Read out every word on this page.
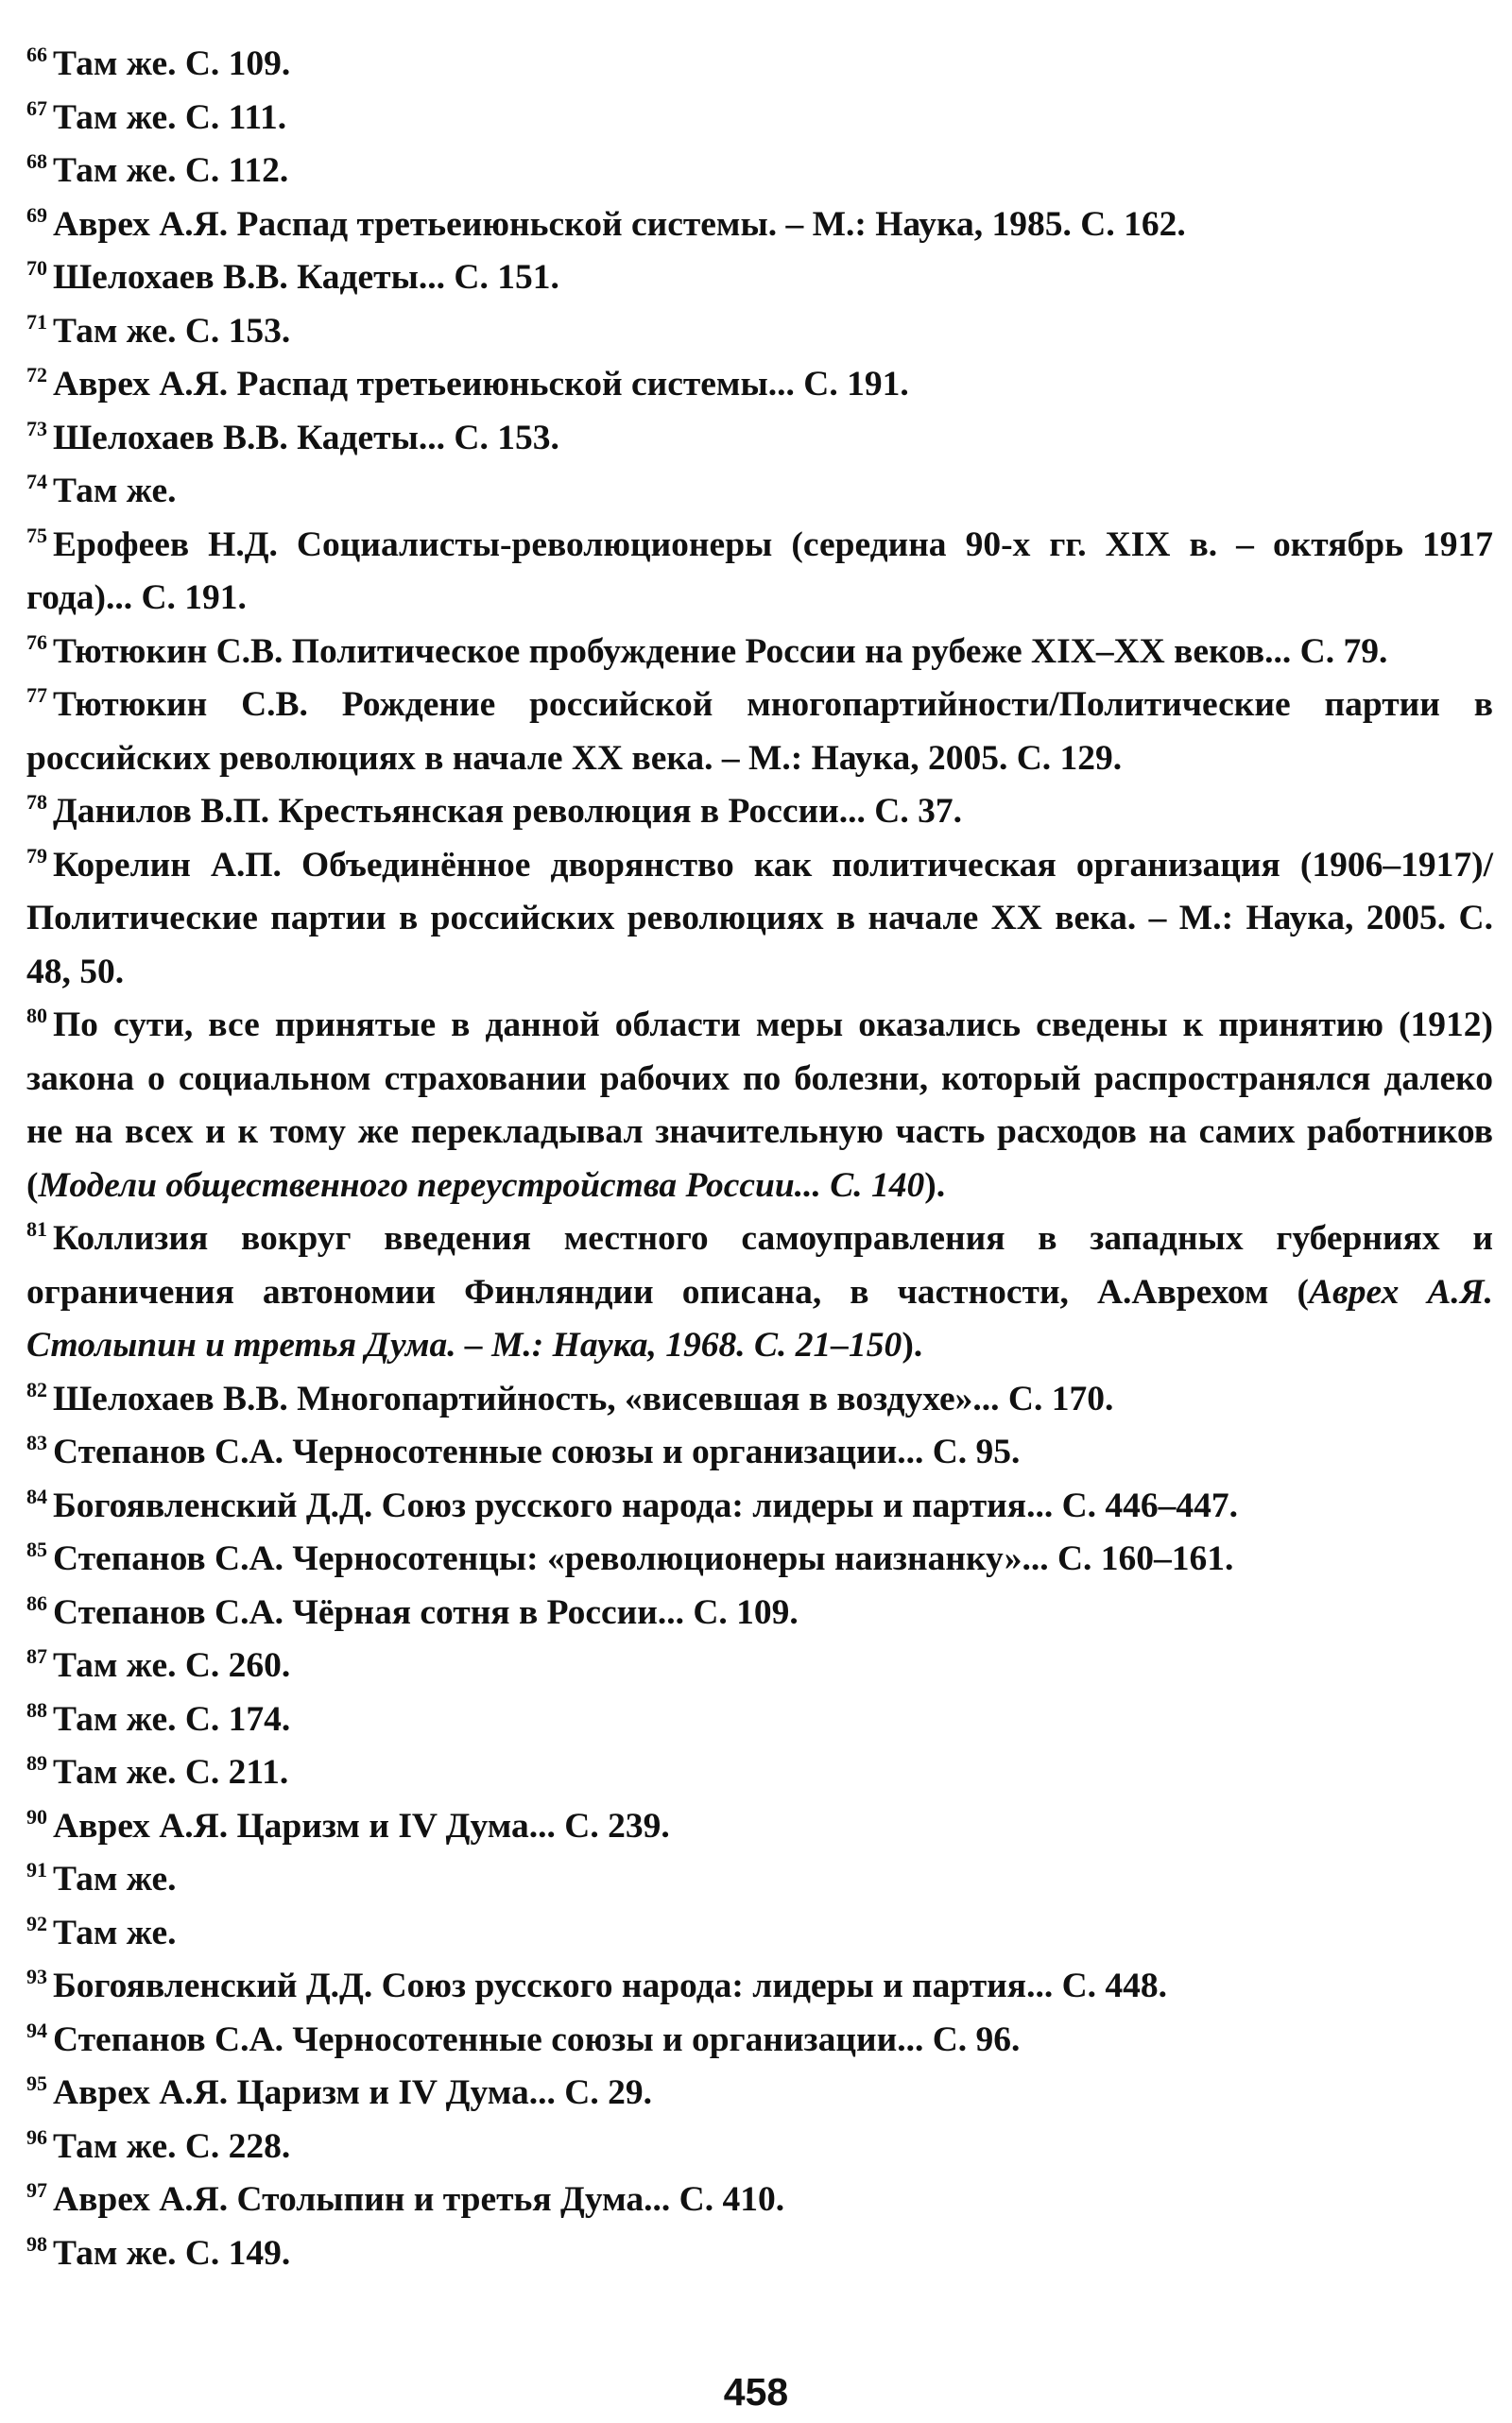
$^{66}$ Там же. С. 109.

$^{67}$ Там же. С. 111.

$^{68}$ Там же. С. 112.

$^{69}$ Аврех А.Я. Распад третьеиюньской системы. – М.: Наука, 1985. С. 162.

$^{70}$ Шелохаев В.В. Кадеты... С. 151.

$^{71}$ Там же. С. 153.

$^{72}$ Аврех А.Я. Распад третьеиюньской системы... С. 191.

$^{73}$ Шелохаев В.В. Кадеты... С. 153.

$^{74}$ Там же.

$^{75}$ Ерофеев Н.Д. Социалисты-революционеры (середина 90-х гг. XIX в. – октябрь 1917 года)... С. 191.

$^{76}$ Тютюкин С.В. Политическое пробуждение России на рубеже XIX–XX веков... С. 79.

$^{77}$ Тютюкин С.В. Рождение российской многопартийности/Политические партии в российских революциях в начале XX века. – М.: Наука, 2005. С. 129.

$^{78}$ Данилов В.П. Крестьянская революция в России... С. 37.

$^{79}$ Корелин А.П. Объединённое дворянство как политическая организация (1906–1917)/Политические партии в российских революциях в начале XX века. – М.: Наука, 2005. С. 48, 50.

$^{80}$ По сути, все принятые в данной области меры оказались сведены к принятию (1912) закона о социальном страховании рабочих по болезни, который распространялся далеко не на всех и к тому же перекладывал значительную часть расходов на самих работников (Модели общественного переустройства России... С. 140).

$^{81}$ Коллизия вокруг введения местного самоуправления в западных губерниях и ограничения автономии Финляндии описана, в частности, А.Аврехом (Аврех А.Я. Столыпин и третья Дума. – М.: Наука, 1968. С. 21–150).

$^{82}$ Шелохаев В.В. Многопартийность, «висевшая в воздухе»... С. 170.

$^{83}$ Степанов С.А. Черносотенные союзы и организации... С. 95.

$^{84}$ Богоявленский Д.Д. Союз русского народа: лидеры и партия... С. 446–447.

$^{85}$ Степанов С.А. Черносотенцы: «революционеры наизнанку»... С. 160–161.

$^{86}$ Степанов С.А. Чёрная сотня в России... С. 109.

$^{87}$ Там же. С. 260.

$^{88}$ Там же. С. 174.

$^{89}$ Там же. С. 211.

$^{90}$ Аврех А.Я. Царизм и IV Дума... С. 239.

$^{91}$ Там же.

$^{92}$ Там же.

$^{93}$ Богоявленский Д.Д. Союз русского народа: лидеры и партия... С. 448.

$^{94}$ Степанов С.А. Черносотенные союзы и организации... С. 96.

$^{95}$ Аврех А.Я. Царизм и IV Дума... С. 29.

$^{96}$ Там же. С. 228.

$^{97}$ Аврех А.Я. Столыпин и третья Дума... С. 410.

$^{98}$ Там же. С. 149.

458
